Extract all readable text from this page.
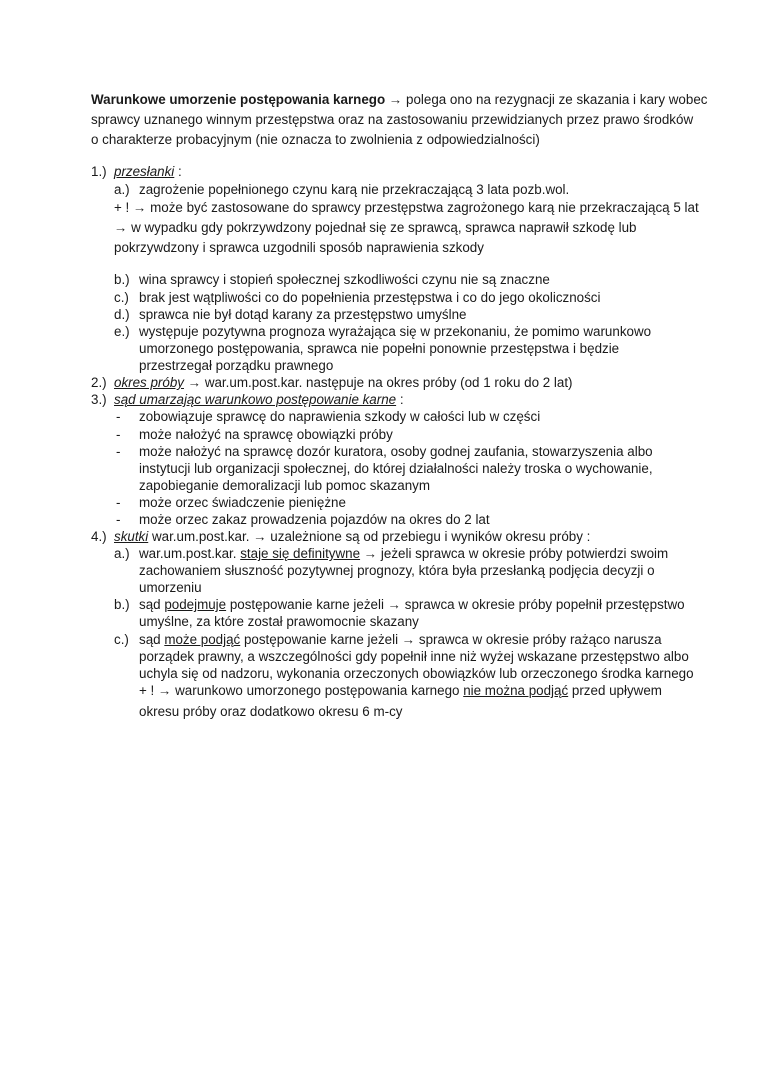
Warunkowe umorzenie postępowania karnego → polega ono na rezygnacji ze skazania i kary wobec
sprawcy uznanego winnym przestępstwa oraz na zastosowaniu przewidzianych przez prawo środków
o charakterze probacyjnym (nie oznacza to zwolnienia z odpowiedzialności)
1.) przesłanki :
a.) zagrożenie popełnionego czynu karą nie przekraczającą 3 lata pozb.wol.
+ ! → może być zastosowane do sprawcy przestępstwa zagrożonego karą nie przekraczającą 5 lat
→ w wypadku gdy pokrzywdzony pojednał się ze sprawcą, sprawca naprawił szkodę lub
pokrzywdzony i sprawca uzgodnili sposób naprawienia szkody
b.) wina sprawcy i stopień społecznej szkodliwości czynu nie są znaczne
c.) brak jest wątpliwości co do popełnienia przestępstwa i co do jego okoliczności
d.) sprawca nie był dotąd karany za przestępstwo umyślne
e.) występuje pozytywna prognoza wyrażająca się w przekonaniu, że pomimo warunkowo
umorzonego postępowania, sprawca nie popełni ponownie przestępstwa i będzie
przestrzegał porządku prawnego
2.) okres próby → war.um.post.kar. następuje na okres próby (od 1 roku do 2 lat)
3.) sąd umarzając warunkowo postępowanie karne :
- zobowiązuje sprawcę do naprawienia szkody w całości lub w części
- może nałożyć na sprawcę obowiązki próby
- może nałożyć na sprawcę dozór kuratora, osoby godnej zaufania, stowarzyszenia albo
instytucji lub organizacji społecznej, do której działalności należy troska o wychowanie,
zapobieganie demoralizacji lub pomoc skazanym
- może orzec świadczenie pieniężne
- może orzec zakaz prowadzenia pojazdów na okres do 2 lat
4.) skutki war.um.post.kar. → uzależnione są od przebiegu i wyników okresu próby :
a.) war.um.post.kar. staje się definitywne → jeżeli sprawca w okresie próby potwierdzi swoim
zachowaniem słuszność pozytywnej prognozy, która była przesłanką podjęcia decyzji o
umorzeniu
b.) sąd podejmuje postępowanie karne jeżeli → sprawca w okresie próby popełnił przestępstwo
umyślne, za które został prawomocnie skazany
c.) sąd może podjąć postępowanie karne jeżeli → sprawca w okresie próby rażąco narusza
porządek prawny, a wszczególności gdy popełnił inne niż wyżej wskazane przestępstwo albo
uchyla się od nadzoru, wykonania orzeczonych obowiązków lub orzeczonego środka karnego
+ ! → warunkowo umorzonego postępowania karnego nie można podjąć przed upływem
okresu próby oraz dodatkowo okresu 6 m-cy
